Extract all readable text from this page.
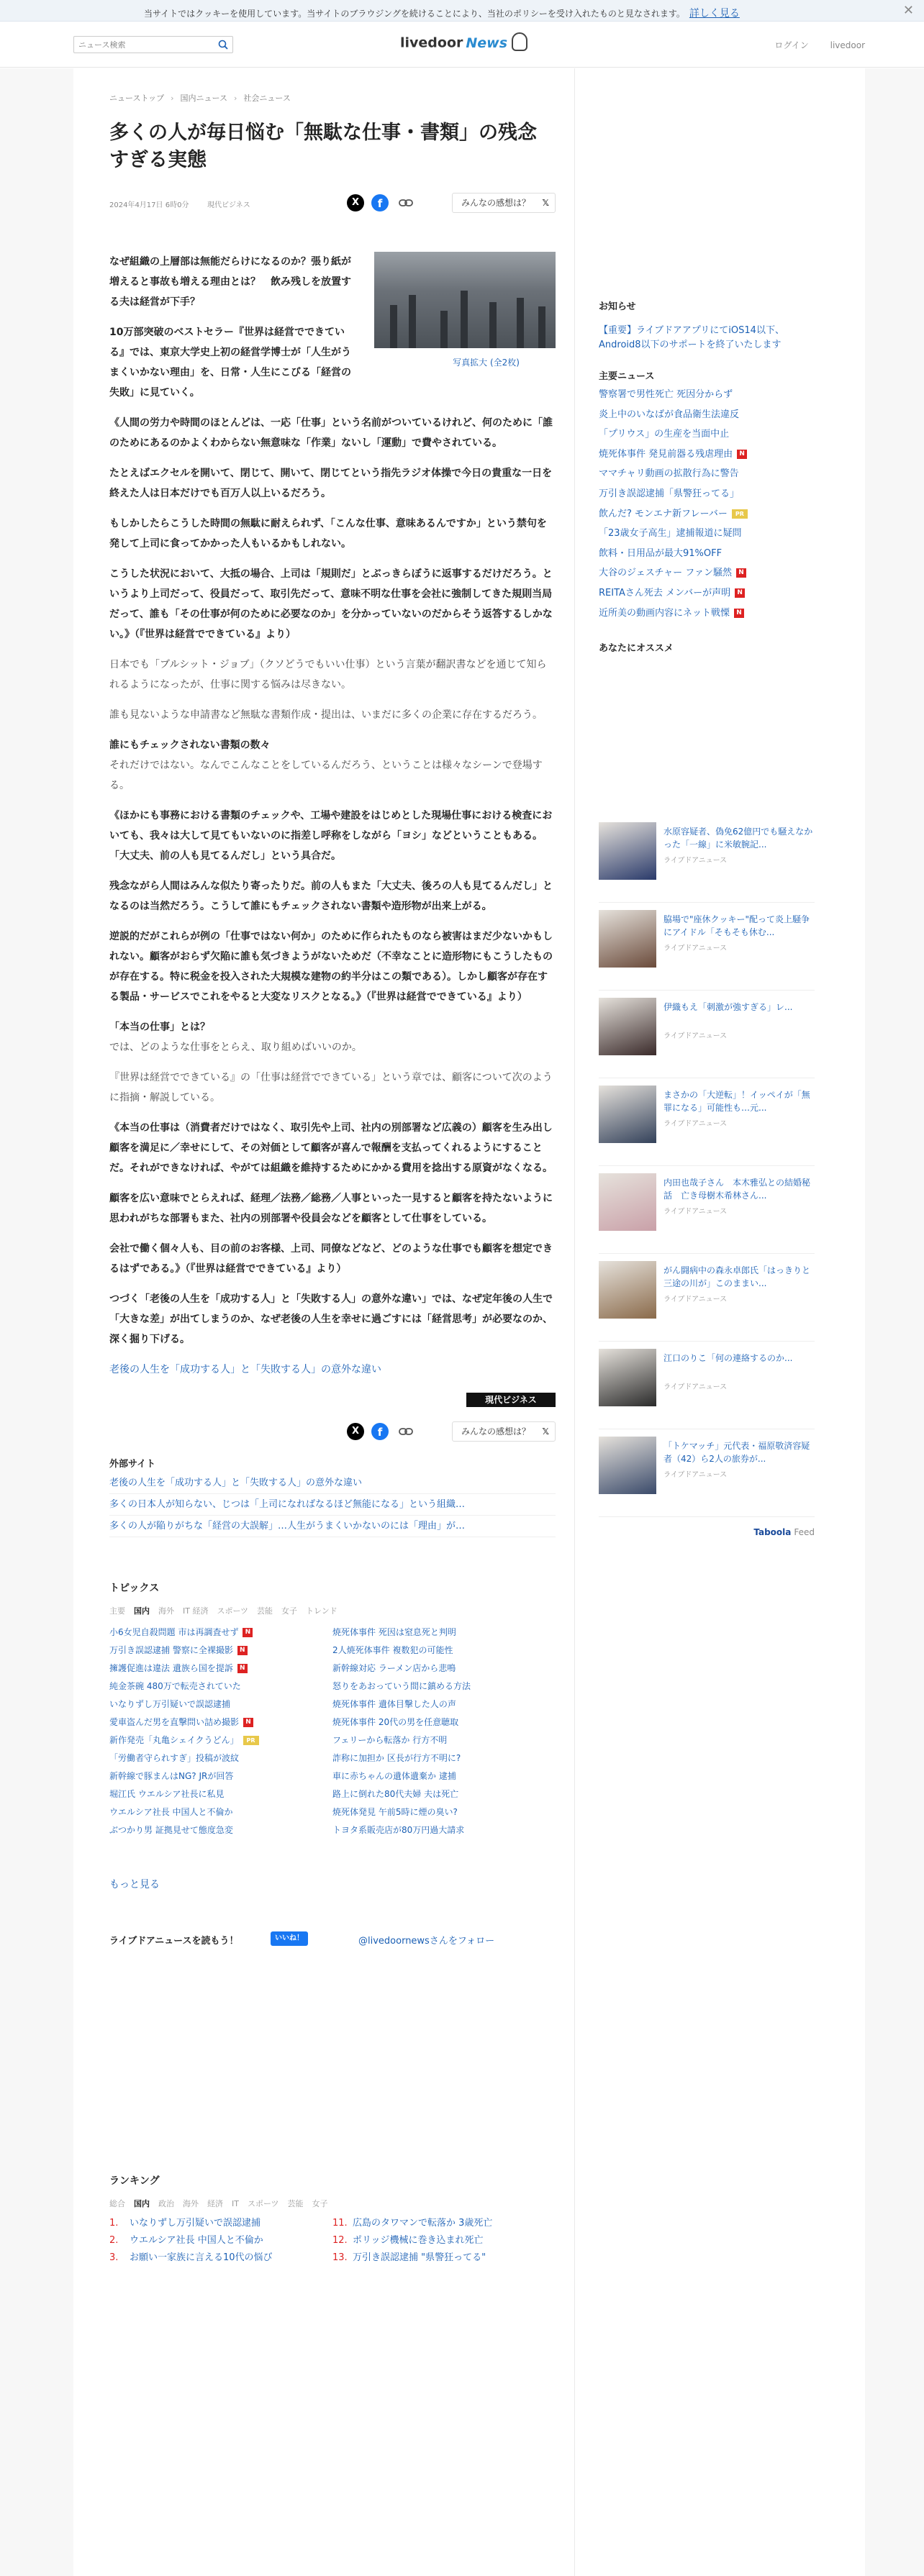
当サイトではクッキーを使用しています。当サイトのブラウジングを続けることにより、当社のポリシーを受け入れたものと見なされます。 詳しく見る	✕
ニュース検索
livedoor News	ログイン livedoor
ニューストップ › 国内ニュース › 社会ニュース
多くの人が毎日悩む「無駄な仕事・書類」の残念すぎる実態
2024年4月17日 6時0分	現代ビジネス	X	f	みんなの感想は？ 𝕏
写真拡大 (全2枚)
なぜ組織の上層部は無能だらけになるのか？張り紙が増えると事故も増える理由とは？　飲み残しを放置する夫は経営が下手？
10万部突破のベストセラー『世界は経営でできている』では、東京大学史上初の経営学博士が「人生がうまくいかない理由」を、日常・人生にこびる「経営の失敗」に見ていく。
《人間の労力や時間のほとんどは、一応「仕事」という名前がついているけれど、何のために「誰のためにあるのかよくわからない無意味な「作業」ないし「運動」で費やされている。
たとえばエクセルを開いて、閉じて、開いて、閉じてという指先ラジオ体操で今日の貴重な一日を終えた人は日本だけでも百万人以上いるだろう。
もしかしたらこうした時間の無駄に耐えられず、「こんな仕事、意味あるんですか」という禁句を発して上司に食ってかかった人もいるかもしれない。
こうした状況において、大抵の場合、上司は「規則だ」とぶっきらぼうに返事するだけだろう。というより上司だって、役員だって、取引先だって、意味不明な仕事を会社に強制してきた規則当局だって、誰も「その仕事が何のために必要なのか」を分かっていないのだからそう返答するしかない。》（『世界は経営でできている』より）
日本でも「ブルシット・ジョブ」（クソどうでもいい仕事）という言葉が翻訳書などを通じて知られるようになったが、仕事に関する悩みは尽きない。
誰も見ないような申請書など無駄な書類作成・提出は、いまだに多くの企業に存在するだろう。
誰にもチェックされない書類の数々
それだけではない。なんでこんなことをしているんだろう、ということは様々なシーンで登場する。
《ほかにも事務における書類のチェックや、工場や建設をはじめとした現場仕事における検査においても、我々は大して見てもいないのに指差し呼称をしながら「ヨシ」などということもある。「大丈夫、前の人も見てるんだし」という具合だ。
残念ながら人間はみんな似たり寄ったりだ。前の人もまた「大丈夫、後ろの人も見てるんだし」となるのは当然だろう。こうして誰にもチェックされない書類や造形物が出来上がる。
逆説的だがこれらが例の「仕事ではない何か」のために作られたものなら被害はまだ少ないかもしれない。顧客がおらず欠陥に誰も気づきようがないためだ（不幸なことに造形物にもこうしたものが存在する。特に税金を投入された大規模な建物の約半分はこの類である）。しかし顧客が存在する製品・サービスでこれをやると大変なリスクとなる。》（『世界は経営でできている』より）
「本当の仕事」とは？
では、どのような仕事をとらえ、取り組めばいいのか。
『世界は経営でできている』の「仕事は経営でできている」という章では、顧客について次のように指摘・解説している。
《本当の仕事は（消費者だけではなく、取引先や上司、社内の別部署など広義の）顧客を生み出し顧客を満足に／幸せにして、その対価として顧客が喜んで報酬を支払ってくれるようにすることだ。それができなければ、やがては組織を維持するためにかかる費用を捻出する原資がなくなる。
顧客を広い意味でとらえれば、経理／法務／総務／人事といった一見すると顧客を持たないように思われがちな部署もまた、社内の別部署や役員会などを顧客として仕事をしている。
会社で働く個々人も、目の前のお客様、上司、同僚などなど、どのような仕事でも顧客を想定できるはずである。》（『世界は経営でできている』より）
つづく「老後の人生を「成功する人」と「失敗する人」の意外な違い」では、なぜ定年後の人生で「大きな差」が出てしまうのか、なぜ老後の人生を幸せに過ごすには「経営思考」が必要なのか、深く掘り下げる。
老後の人生を「成功する人」と「失敗する人」の意外な違い
現代ビジネス
X	f	みんなの感想は？ 𝕏
外部サイト
老後の人生を「成功する人」と「失敗する人」の意外な違い
多くの日本人が知らない、じつは「上司になればなるほど無能になる」という組織…
多くの人が陥りがちな「経営の大誤解」…人生がうまくいかないのには「理由」が…
トピックス
主要 国内 海外 IT 経済 スポーツ 芸能 女子 トレンド
小6女児自殺問題 市は再調査せず N
万引き誤認逮捕 警察に全裸撮影 N
擁護促進は違法 遺族ら国を提訴 N
純金茶碗 480万で転売されていた
いなりずし万引疑いで誤認逮捕
愛車盗んだ男を直撃問い詰め撮影 N
新作発売「丸亀シェイクうどん」 PR
「労働者守られすぎ」投稿が波紋
新幹線で豚まんはNG? JRが回答
堀江氏 ウエルシア社長に私見
ウエルシア社長 中国人と不倫か
ぶつかり男 証拠見せて態度急変
焼死体事件 死因は窒息死と判明
2人焼死体事件 複数犯の可能性
新幹線対応 ラーメン店から悲鳴
怒りをあおっていう間に鎮める方法
焼死体事件 遺体目撃した人の声
焼死体事件 20代の男を任意聴取
フェリーから転落か 行方不明
詐称に加担か 区長が行方不明に?
車に赤ちゃんの遺体遺棄か 逮捕
路上に倒れた80代夫婦 夫は死亡
焼死体発見 午前5時に煙の臭い?
トヨタ系販売店が80万円過大請求
もっと見る
ライブドアニュースを読もう！	いいね！	@livedoornewsさんをフォロー
ランキング
総合 国内 政治 海外 経済 IT スポーツ 芸能 女子
1. いなりずし万引疑いで誤認逮捕
2. ウエルシア社長 中国人と不倫か
3. お願い一家族に言える10代の悩び
11. 広島のタワマンで転落か 3歳死亡
12. ポリッジ機械に巻き込まれ死亡
13. 万引き誤認逮捕 "県警狂ってる"
お知らせ
【重要】ライブドアアプリにてiOS14以下、Android8以下のサポートを終了いたします
主要ニュース
警察署で男性死亡 死因分からず
炎上中のいなばが食品衛生法違反
「プリウス」の生産を当面中止
焼死体事件 発見前器る残虐理由 N
ママチャリ動画の拡散行為に警告
万引き誤認逮捕「県警狂ってる」
飲んだ? モンエナ新フレーバー PR
「23歳女子高生」逮捕報道に疑問
飲料・日用品が最大91%OFF
大谷のジェスチャー ファン騒然 N
REITAさん死去 メンバーが声明 N
近所美の動画内容にネット戦慄 N
あなたにオススメ
水原容疑者、偽免62億円でも騒えなかった「一線」に米敏腕記...
ライブドアニュース
脇場で"座休クッキー"配って炎上騒争にアイドル「そもそも休む...
ライブドアニュース
伊織もえ「刺激が強すぎる」レ...
ライブドアニュース
まさかの「大逆転」！イッペイが「無罪になる」可能性も…元...
ライブドアニュース
内田也哉子さん　本木雅弘との結婚秘話　亡き母樹木希林さん...
ライブドアニュース
がん闘病中の森永卓郎氏「はっきりと三途の川が」このままい...
ライブドアニュース
江口のりこ「何の連絡するのか...
ライブドアニュース
「トケマッチ」元代表・福原敬済容疑者（42）ら2人の旅券が...
ライブドアニュース
Taboola Feed
